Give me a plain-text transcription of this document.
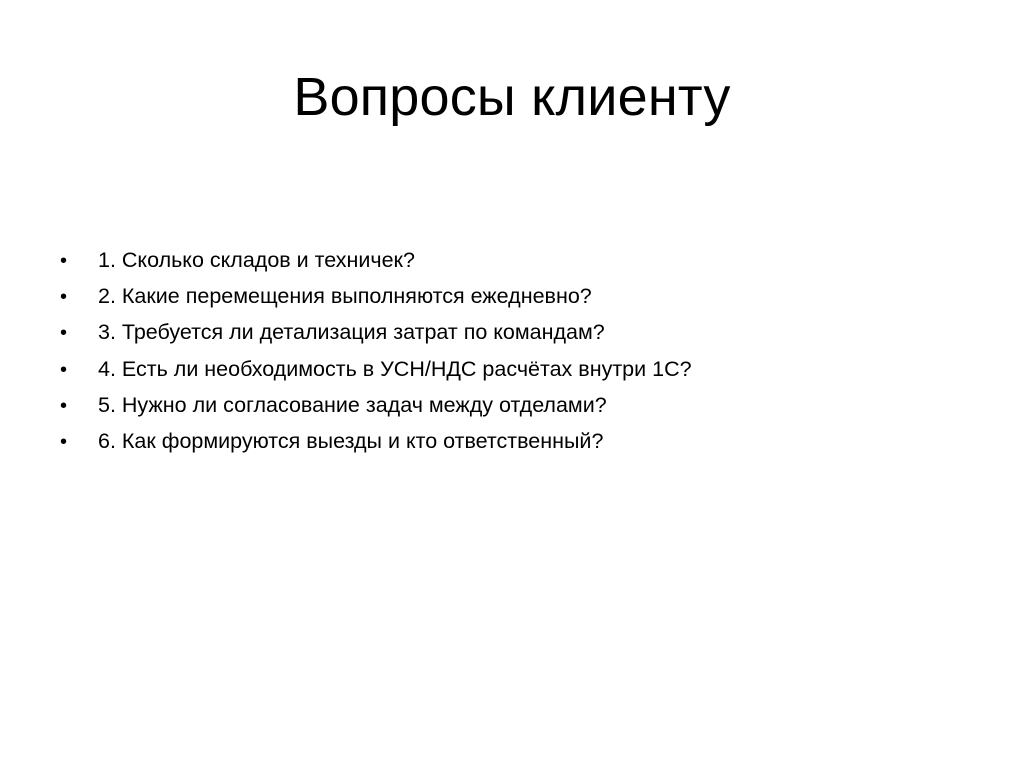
Вопросы клиенту
•	1. Сколько складов и техничек?
•	2. Какие перемещения выполняются ежедневно?
•	3. Требуется ли детализация затрат по командам?
•	4. Есть ли необходимость в УСН/НДС расчётах внутри 1С?
•	5. Нужно ли согласование задач между отделами?
•	6. Как формируются выезды и кто ответственный?
